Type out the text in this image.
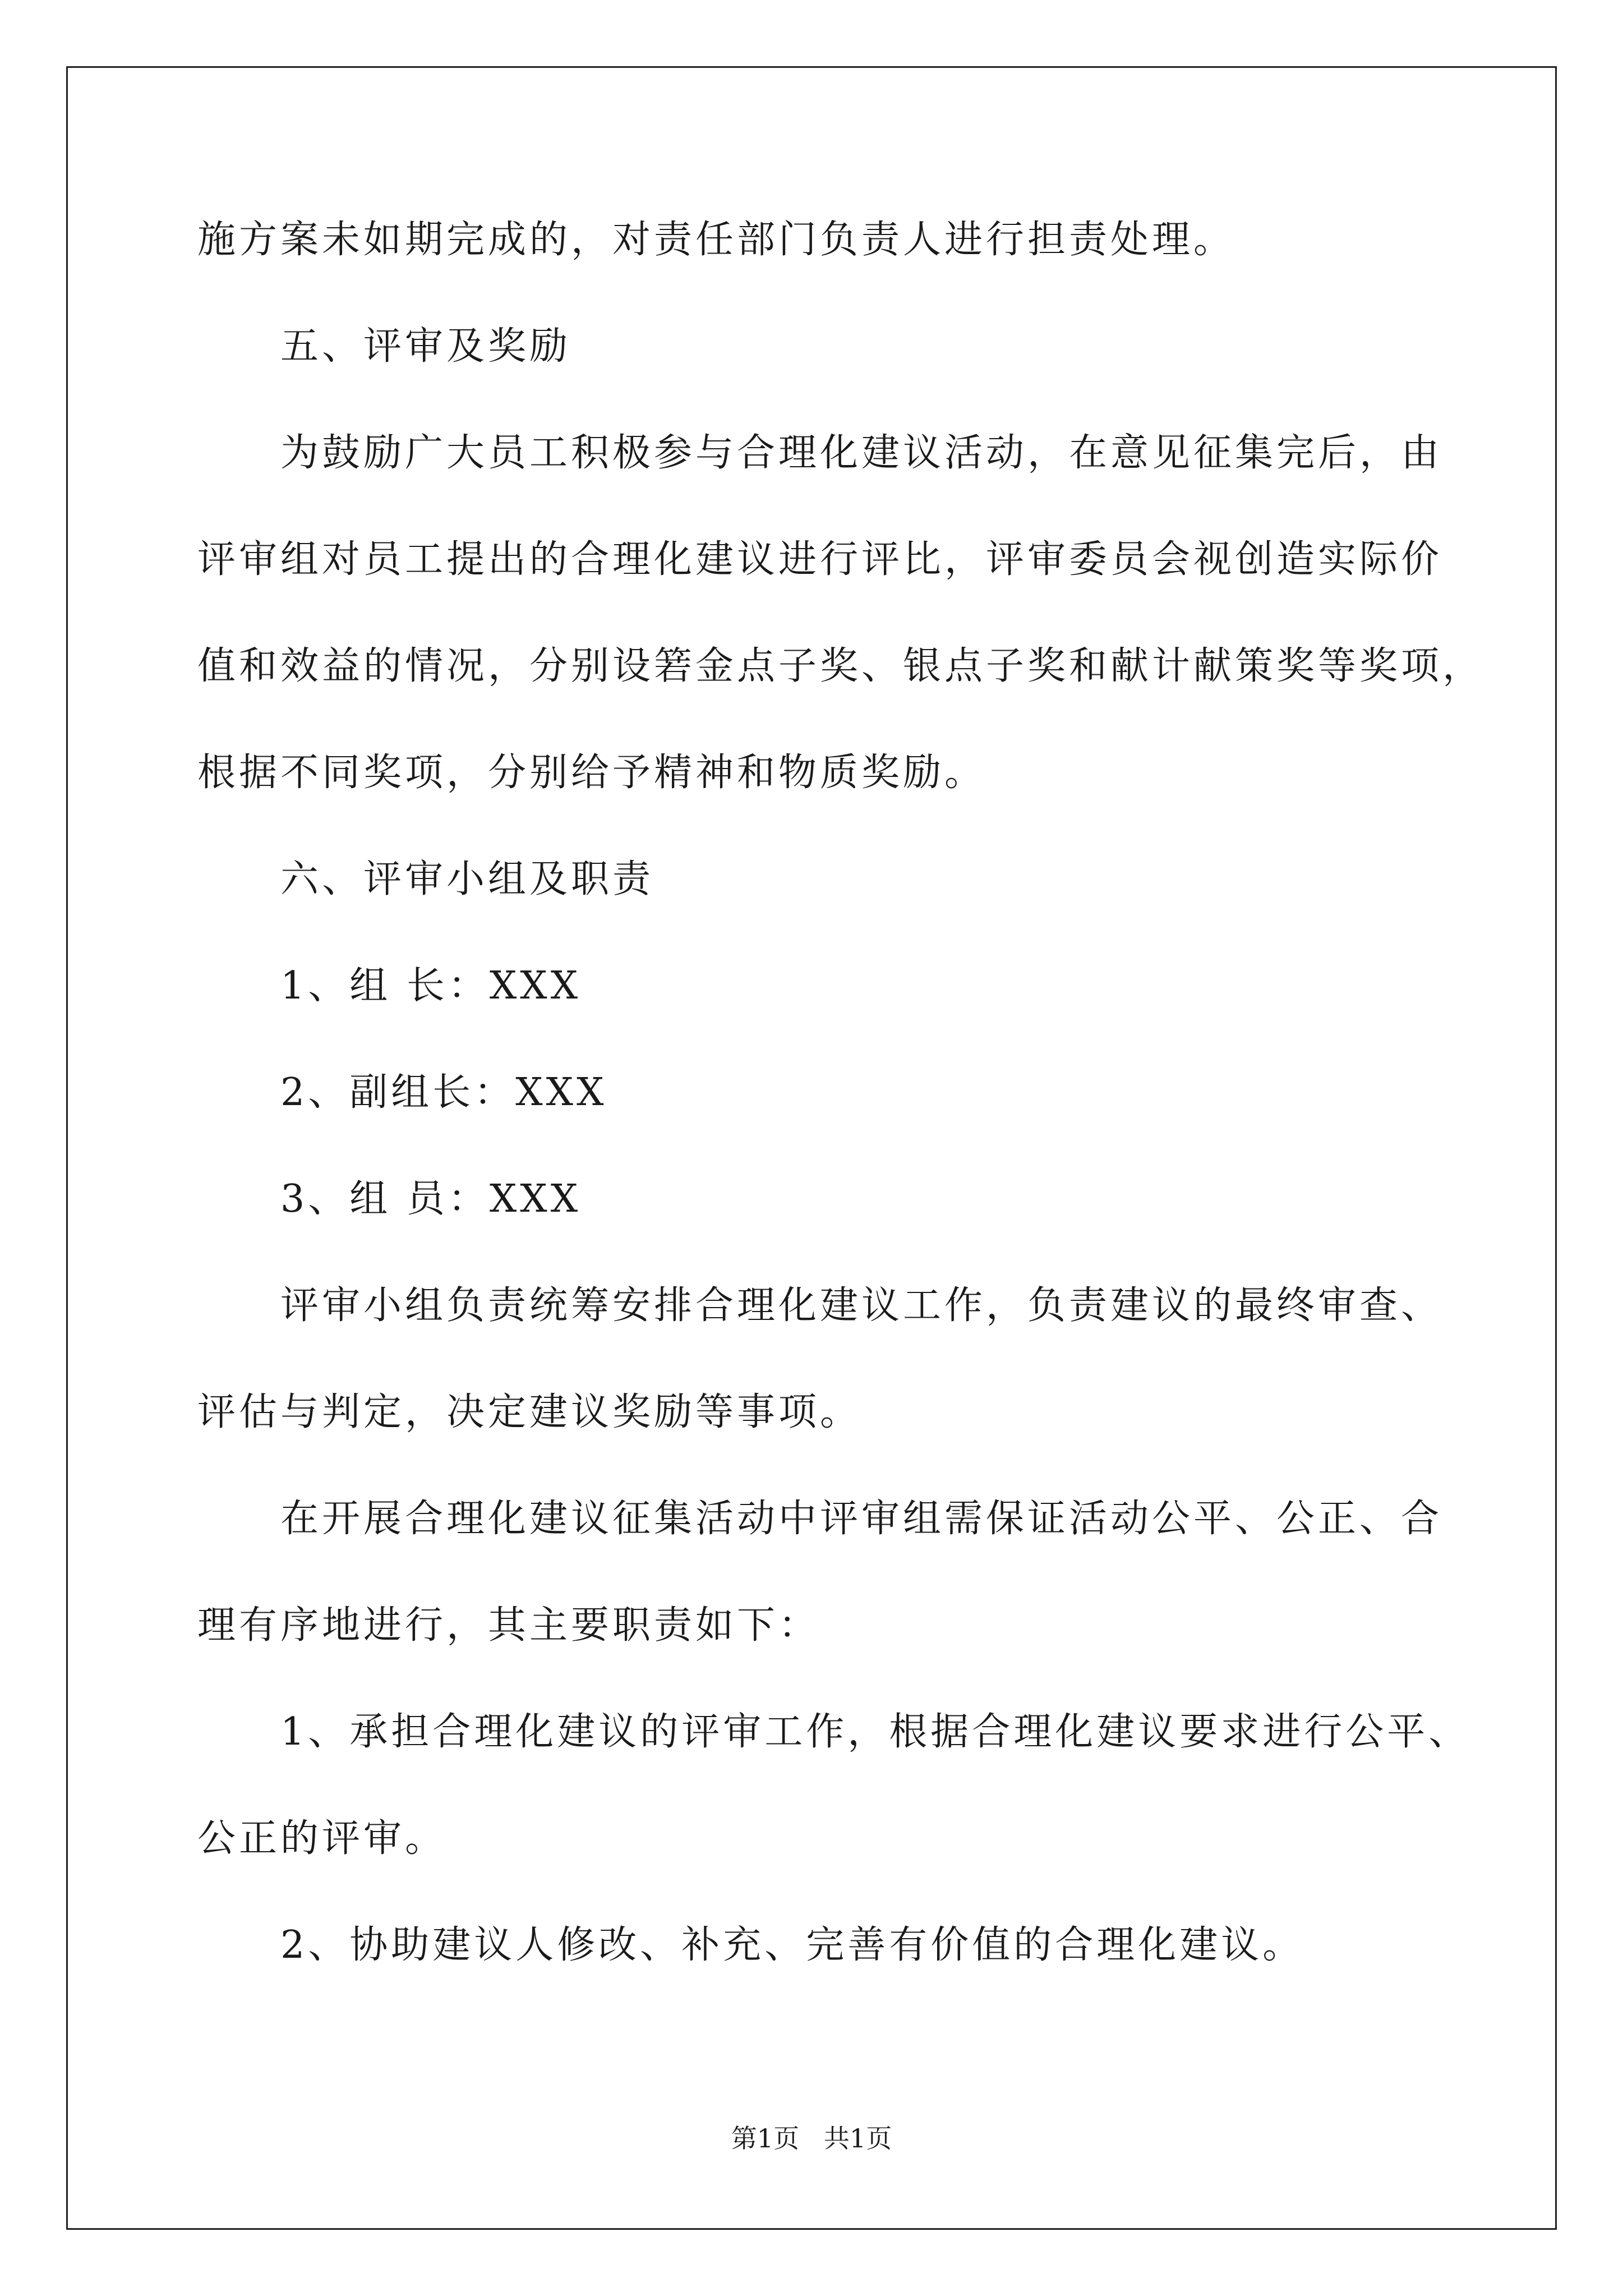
施方案未如期完成的，对责任部门负责人进行担责处理。
五、评审及奖励
为鼓励广大员工积极参与合理化建议活动，在意见征集完后，由
评审组对员工提出的合理化建议进行评比，评审委员会视创造实际价
值和效益的情况，分别设箬金点子奖、银点子奖和献计献策奖等奖项，
根据不同奖项，分别给予精神和物质奖励。
六、评审小组及职责
1、组 长：XXX
2、副组长：XXX
3、组 员：XXX
评审小组负责统筹安排合理化建议工作，负责建议的最终审查、
评估与判定，决定建议奖励等事项。
在开展合理化建议征集活动中评审组需保证活动公平、公正、合
理有序地进行，其主要职责如下：
1、承担合理化建议的评审工作，根据合理化建议要求进行公平、
公正的评审。
2、协助建议人修改、补充、完善有价值的合理化建议。
第1页   共1页
